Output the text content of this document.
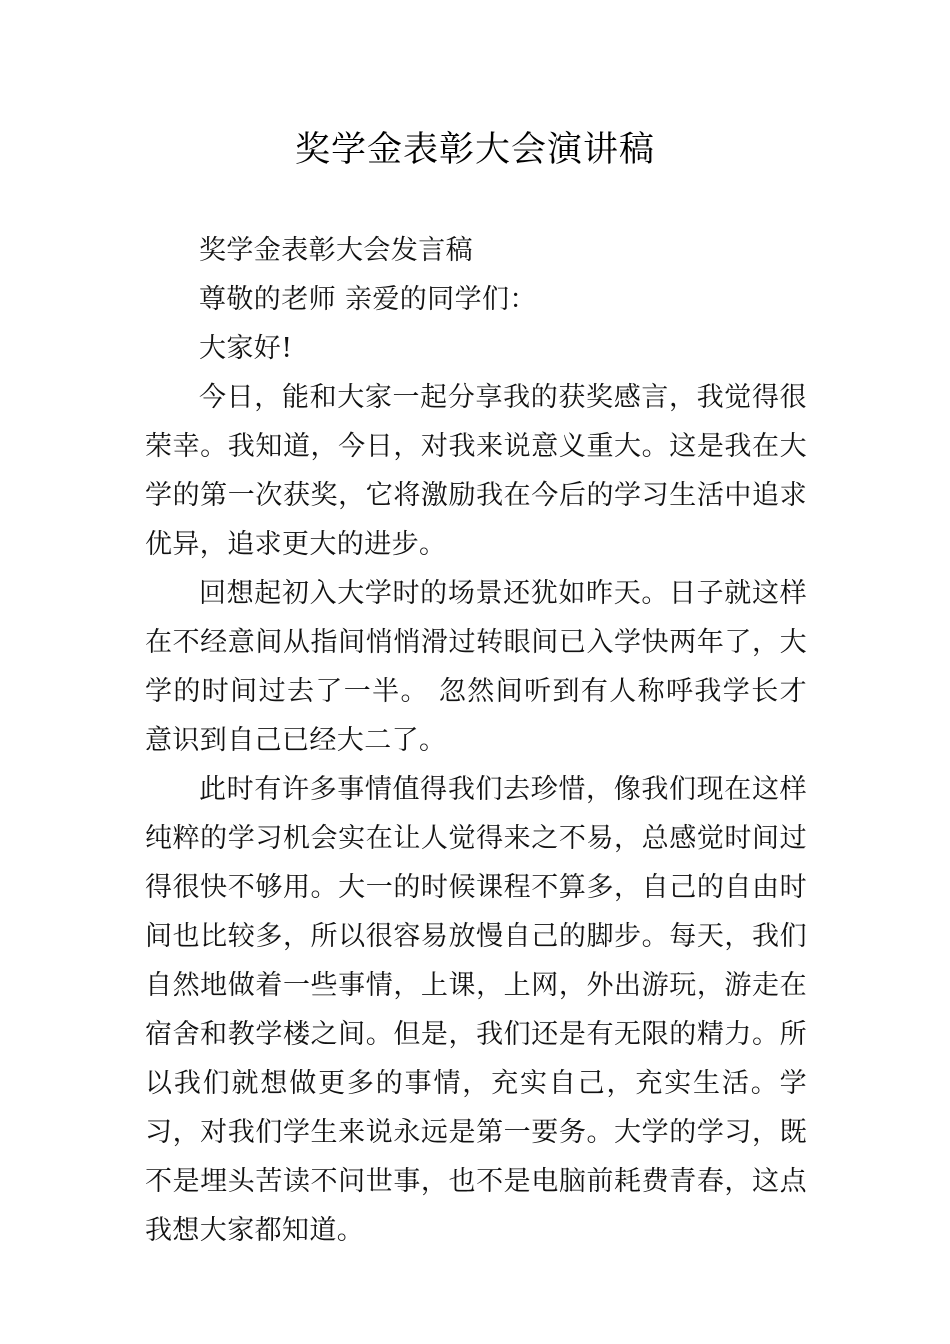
奖学金表彰大会演讲稿

奖学金表彰大会发言稿

尊敬的老师 亲爱的同学们：

大家好!

今日，能和大家一起分享我的获奖感言，我觉得很荣幸。我知道，今日，对我来说意义重大。这是我在大学的第一次获奖，它将激励我在今后的学习生活中追求优异，追求更大的进步。

回想起初入大学时的场景还犹如昨天。日子就这样在不经意间从指间悄悄滑过转眼间已入学快两年了，大学的时间过去了一半。 忽然间听到有人称呼我学长才意识到自己已经大二了。

此时有许多事情值得我们去珍惜，像我们现在这样纯粹的学习机会实在让人觉得来之不易，总感觉时间过得很快不够用。大一的时候课程不算多，自己的自由时间也比较多，所以很容易放慢自己的脚步。每天，我们自然地做着一些事情，上课，上网，外出游玩，游走在宿舍和教学楼之间。但是，我们还是有无限的精力。所以我们就想做更多的事情，充实自己，充实生活。学习，对我们学生来说永远是第一要务。大学的学习，既不是埋头苦读不问世事，也不是电脑前耗费青春，这点我想大家都知道。
